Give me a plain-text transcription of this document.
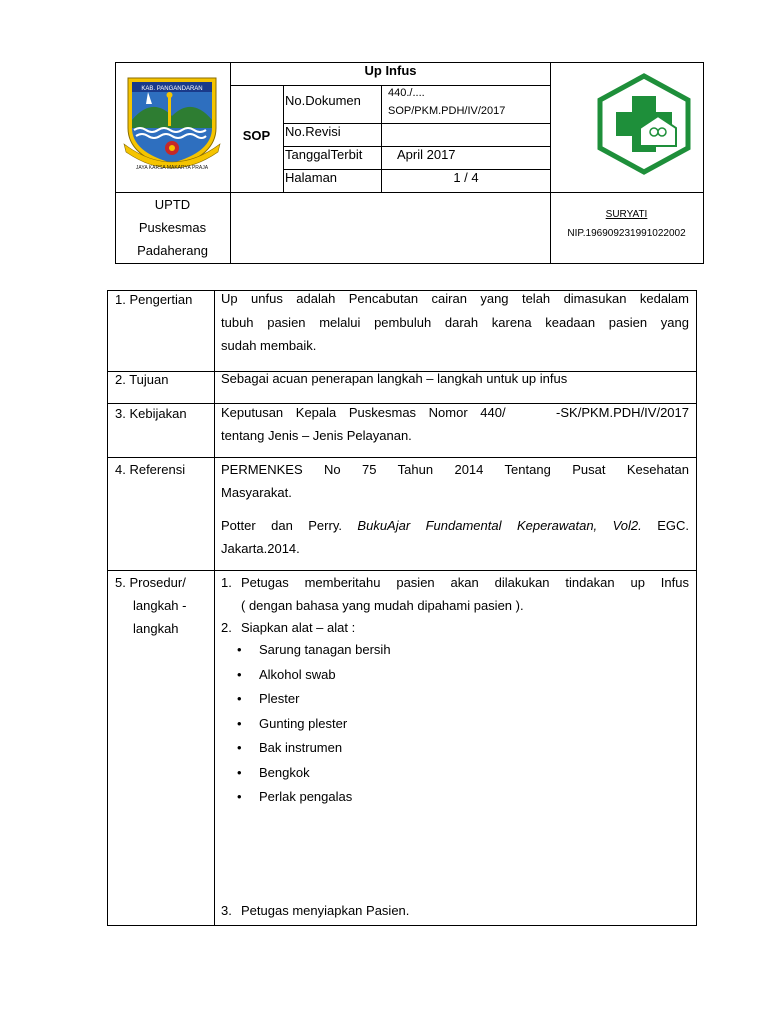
KAB. PANGANDARAN
JAYA KARSA MAKARYA PRAJA
Up Infus
SOP
No.Dokumen 440./....
SOP/PKM.PDH/IV/2017
No.Revisi
TanggalTerbit	April 2017
Halaman	1 / 4
UPTD
Puskesmas
Padaherang
SURYATI
NIP.196909231991022002
1. Pengertian Up unfus adalah Pencabutan cairan yang telah dimasukan kedalam
tubuh pasien melalui pembuluh darah karena keadaan pasien yang
sudah membaik.
2. Tujuan	Sebagai acuan penerapan langkah – langkah untuk up infus
3. Kebijakan	Keputusan Kepala Puskesmas Nomor 440/    -SK/PKM.PDH/IV/2017
tentang Jenis – Jenis Pelayanan.
4. Referensi	PERMENKES No 75 Tahun 2014 Tentang Pusat Kesehatan
Masyarakat.
Potter dan Perry. BukuAjar Fundamental Keperawatan, Vol2. EGC.
Jakarta.2014.
5. Prosedur/
langkah -
langkah
1. Petugas memberitahu pasien akan dilakukan tindakan up Infus
( dengan bahasa yang mudah dipahami pasien ).
2. Siapkan alat – alat :
• Sarung tanagan bersih
• Alkohol swab
• Plester
• Gunting plester
• Bak instrumen
• Bengkok
• Perlak pengalas
3. Petugas menyiapkan Pasien.
